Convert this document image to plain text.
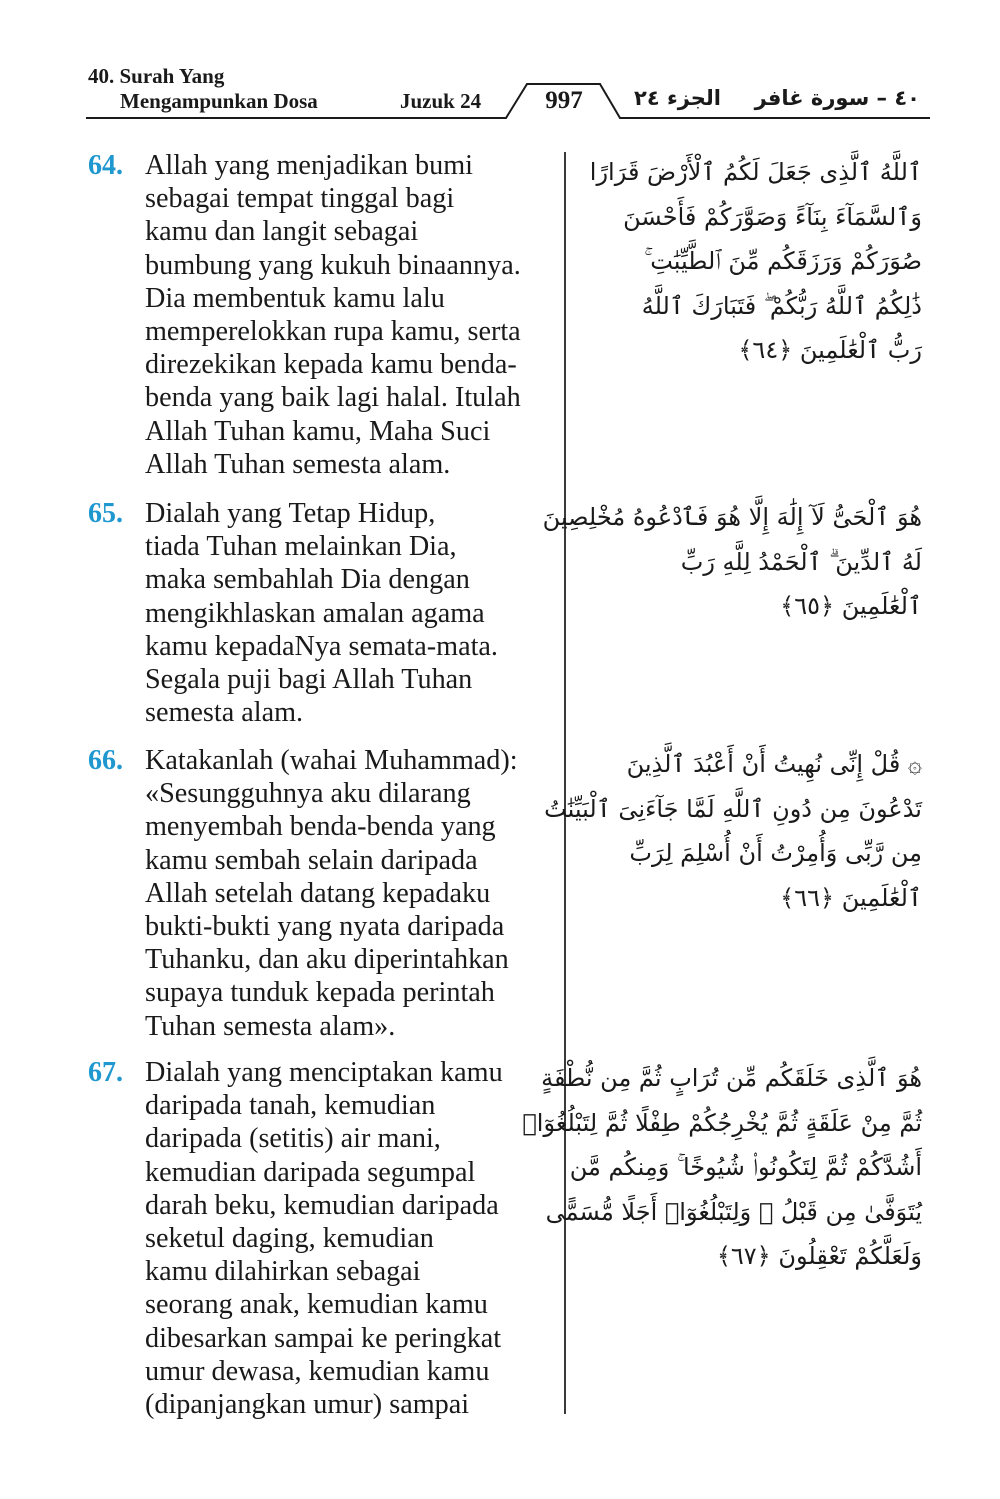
40. Surah Yang
Mengampunkan Dosa	Juzuk 24	997	الجزء ٢٤ ٤٠ – سورة غافر
64. Allah yang menjadikan bumi
sebagai tempat tinggal bagi
kamu dan langit sebagai
bumbung yang kukuh binaannya.
Dia membentuk kamu lalu
memperelokkan rupa kamu, serta
direzekikan kepada kamu benda-
benda yang baik lagi halal. Itulah
Allah Tuhan kamu, Maha Suci
Allah Tuhan semesta alam.
ٱللَّهُ ٱلَّذِى جَعَلَ لَكُمُ ٱلْأَرْضَ قَرَارًا
وَٱلسَّمَآءَ بِنَآءً وَصَوَّرَكُمْ فَأَحْسَنَ
صُوَرَكُمْ وَرَزَقَكُم مِّنَ ٱلطَّيِّبَٰتِ ۚ
ذَٰلِكُمُ ٱللَّهُ رَبُّكُمْ ۖ فَتَبَارَكَ ٱللَّهُ
رَبُّ ٱلْعَٰلَمِينَ ﴿٦٤﴾
65. Dialah yang Tetap Hidup,
tiada Tuhan melainkan Dia,
maka sembahlah Dia dengan
mengikhlaskan amalan agama
kamu kepadaNya semata-mata.
Segala puji bagi Allah Tuhan
semesta alam.
هُوَ ٱلْحَىُّ لَآ إِلَٰهَ إِلَّا هُوَ فَٱدْعُوهُ مُخْلِصِينَ
لَهُ ٱلدِّينَ ۗ ٱلْحَمْدُ لِلَّهِ رَبِّ
ٱلْعَٰلَمِينَ ﴿٦٥﴾
66. Katakanlah (wahai Muhammad):
«Sesungguhnya aku dilarang
menyembah benda-benda yang
kamu sembah selain daripada
Allah setelah datang kepadaku
bukti-bukti yang nyata daripada
Tuhanku, dan aku diperintahkan
supaya tunduk kepada perintah
Tuhan semesta alam».
۞ قُلْ إِنِّى نُهِيتُ أَنْ أَعْبُدَ ٱلَّذِينَ
تَدْعُونَ مِن دُونِ ٱللَّهِ لَمَّا جَآءَنِىَ ٱلْبَيِّنَٰتُ
مِن رَّبِّى وَأُمِرْتُ أَنْ أُسْلِمَ لِرَبِّ
ٱلْعَٰلَمِينَ ﴿٦٦﴾
67. Dialah yang menciptakan kamu
daripada tanah, kemudian
daripada (setitis) air mani,
kemudian daripada segumpal
darah beku, kemudian daripada
seketul daging, kemudian
kamu dilahirkan sebagai
seorang anak, kemudian kamu
dibesarkan sampai ke peringkat
umur dewasa, kemudian kamu
(dipanjangkan umur) sampai
هُوَ ٱلَّذِى خَلَقَكُم مِّن تُرَابٍ ثُمَّ مِن نُّطْفَةٍ
ثُمَّ مِنْ عَلَقَةٍ ثُمَّ يُخْرِجُكُمْ طِفْلًا ثُمَّ لِتَبْلُغُوٓا۟
أَشُدَّكُمْ ثُمَّ لِتَكُونُوا۟ شُيُوخًا ۚ وَمِنكُم مَّن
يُتَوَفَّىٰ مِن قَبْلُ ۖ وَلِتَبْلُغُوٓا۟ أَجَلًا مُّسَمًّى
وَلَعَلَّكُمْ تَعْقِلُونَ ﴿٦٧﴾
